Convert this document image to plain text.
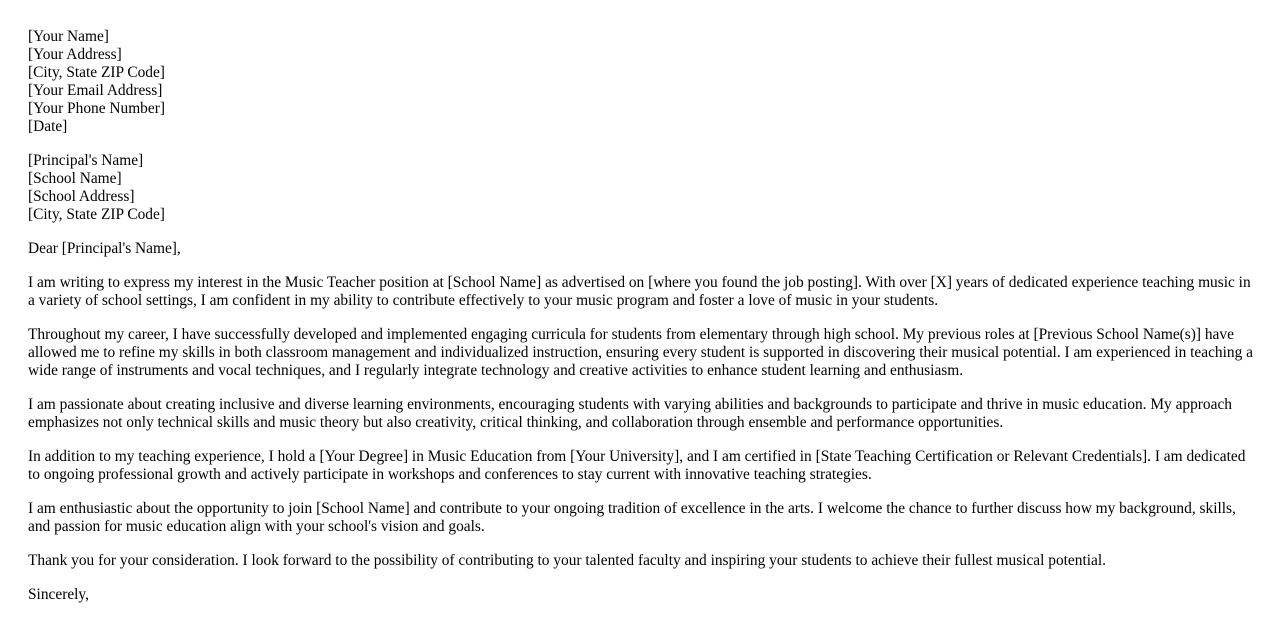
[Your Name]
[Your Address]
[City, State ZIP Code]
[Your Email Address]
[Your Phone Number]
[Date]
[Principal's Name]
[School Name]
[School Address]
[City, State ZIP Code]

Dear [Principal's Name],

I am writing to express my interest in the Music Teacher position at [School Name] as advertised on [where you found the job posting]. With over [X] years of dedicated experience teaching music in a variety of school settings, I am confident in my ability to contribute effectively to your music program and foster a love of music in your students.

Throughout my career, I have successfully developed and implemented engaging curricula for students from elementary through high school. My previous roles at [Previous School Name(s)] have allowed me to refine my skills in both classroom management and individualized instruction, ensuring every student is supported in discovering their musical potential. I am experienced in teaching a wide range of instruments and vocal techniques, and I regularly integrate technology and creative activities to enhance student learning and enthusiasm.

I am passionate about creating inclusive and diverse learning environments, encouraging students with varying abilities and backgrounds to participate and thrive in music education. My approach emphasizes not only technical skills and music theory but also creativity, critical thinking, and collaboration through ensemble and performance opportunities.

In addition to my teaching experience, I hold a [Your Degree] in Music Education from [Your University], and I am certified in [State Teaching Certification or Relevant Credentials]. I am dedicated to ongoing professional growth and actively participate in workshops and conferences to stay current with innovative teaching strategies.

I am enthusiastic about the opportunity to join [School Name] and contribute to your ongoing tradition of excellence in the arts. I welcome the chance to further discuss how my background, skills, and passion for music education align with your school's vision and goals.

Thank you for your consideration. I look forward to the possibility of contributing to your talented faculty and inspiring your students to achieve their fullest musical potential.

Sincerely,
